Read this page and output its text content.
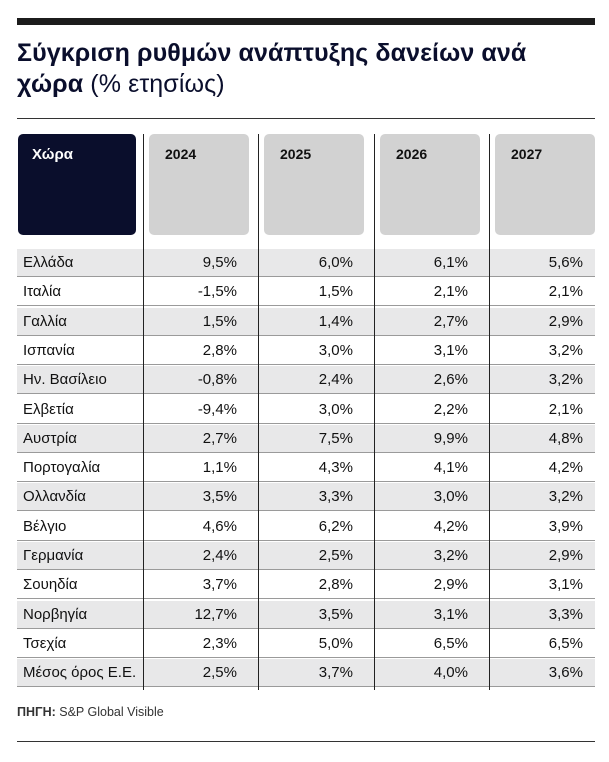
Σύγκριση ρυθμών ανάπτυξης δανείων ανά χώρα (% ετησίως)
Χώρα	2024	2025	2026	2027
Ελλάδα	9,5%	6,0%	6,1%	5,6%
Ιταλία	-1,5%	1,5%	2,1%	2,1%
Γαλλία	1,5%	1,4%	2,7%	2,9%
Ισπανία	2,8%	3,0%	3,1%	3,2%
Ην. Βασίλειο	-0,8%	2,4%	2,6%	3,2%
Ελβετία	-9,4%	3,0%	2,2%	2,1%
Αυστρία	2,7%	7,5%	9,9%	4,8%
Πορτογαλία	1,1%	4,3%	4,1%	4,2%
Ολλανδία	3,5%	3,3%	3,0%	3,2%
Βέλγιο	4,6%	6,2%	4,2%	3,9%
Γερμανία	2,4%	2,5%	3,2%	2,9%
Σουηδία	3,7%	2,8%	2,9%	3,1%
Νορβηγία	12,7%	3,5%	3,1%	3,3%
Τσεχία	2,3%	5,0%	6,5%	6,5%
Μέσος όρος Ε.Ε.	2,5%	3,7%	4,0%	3,6%
ΠΗΓΗ: S&P Global Visible
